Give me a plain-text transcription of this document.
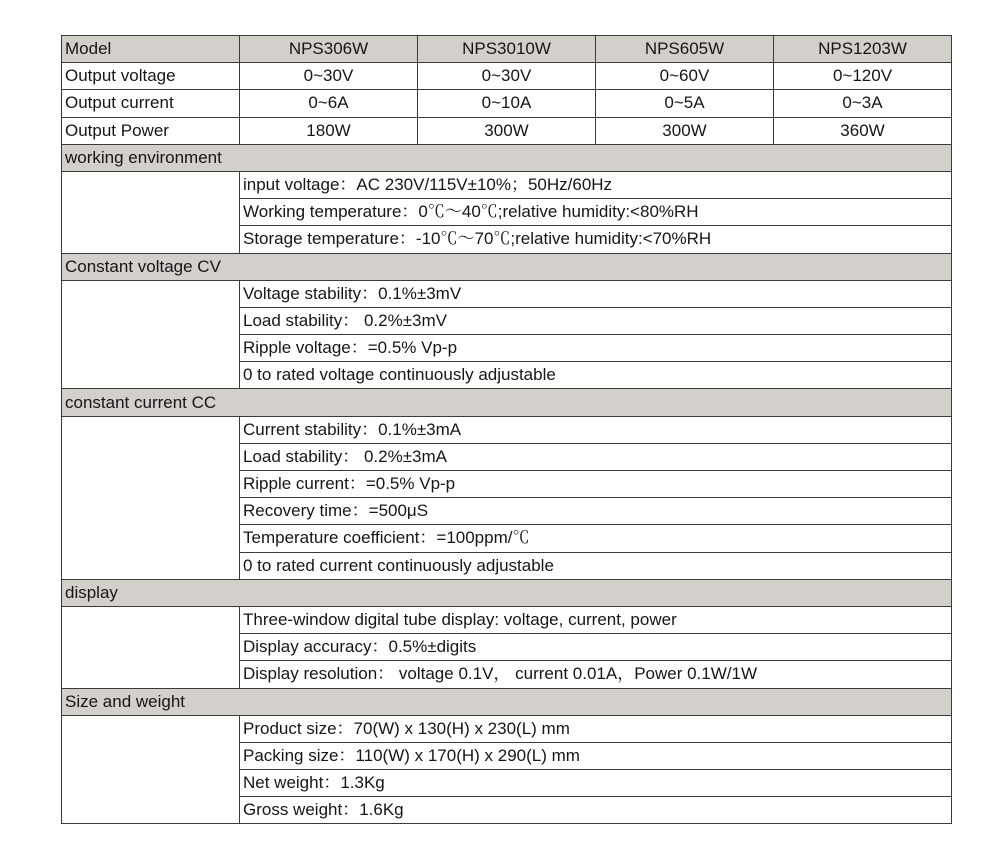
Model	NPS306W	NPS3010W	NPS605W	NPS1203W
Output voltage	0~30V	0~30V	0~60V	0~120V
Output current	0~6A	0~10A	0~5A	0~3A
Output Power	180W	300W	300W	360W
working environment				
	input voltage：AC 230V/115V±10%；50Hz/60Hz			
	Working temperature：0℃～40℃;relative humidity:<80%RH			
	Storage temperature：-10℃～70℃;relative humidity:<70%RH			
Constant voltage CV				
	Voltage stability：0.1%±3mV			
	Load stability： 0.2%±3mV			
	Ripple voltage：=0.5% Vp-p			
	0 to rated voltage continuously adjustable			
constant current CC				
	Current stability：0.1%±3mA			
	Load stability： 0.2%±3mA			
	Ripple current：=0.5% Vp-p			
	Recovery time：=500μS			
	Temperature coefficient：=100ppm/℃			
	0 to rated current continuously adjustable			
display				
	Three-window digital tube display: voltage, current, power			
	Display accuracy：0.5%±digits			
	Display resolution： voltage 0.1V， current 0.01A，Power 0.1W/1W			
Size and weight				
	Product size：70(W) x 130(H) x 230(L) mm			
	Packing size：110(W) x 170(H) x 290(L) mm			
	Net weight：1.3Kg			
	Gross weight：1.6Kg			
